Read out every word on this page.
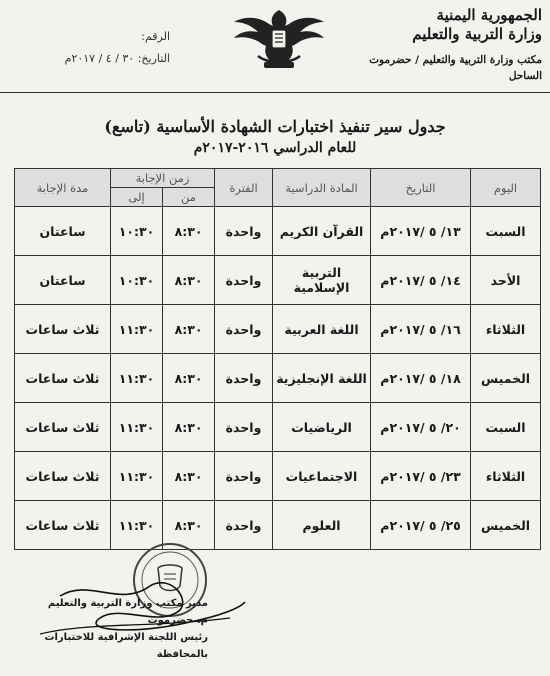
الجمهورية اليمنية
وزارة التربية والتعليم
مكتب وزارة التربية والتعليم / حضرموت الساحل
الرقم:
التاريخ: ٣٠ / ٤ / ٢٠١٧م
جدول سير تنفيذ اختبارات الشهادة الأساسية (تاسع)
للعام الدراسي ٢٠١٦-٢٠١٧م
اليوم	التاريخ	المادة الدراسية	الفترة	زمن الإجابة		مدة الإجابة
				من	إلى	
السبت	١٣/ ٥ /٢٠١٧م	القرآن الكريم	واحدة	٨:٣٠	١٠:٣٠	ساعتان
الأحد	١٤/ ٥ /٢٠١٧م	التربية الإسلامية	واحدة	٨:٣٠	١٠:٣٠	ساعتان
الثلاثاء	١٦/ ٥ /٢٠١٧م	اللغة العربية	واحدة	٨:٣٠	١١:٣٠	ثلاث ساعات
الخميس	١٨/ ٥ /٢٠١٧م	اللغة الإنجليزية	واحدة	٨:٣٠	١١:٣٠	ثلاث ساعات
السبت	٢٠/ ٥ /٢٠١٧م	الرياضيات	واحدة	٨:٣٠	١١:٣٠	ثلاث ساعات
الثلاثاء	٢٣/ ٥ /٢٠١٧م	الاجتماعيات	واحدة	٨:٣٠	١١:٣٠	ثلاث ساعات
الخميس	٢٥/ ٥ /٢٠١٧م	العلوم	واحدة	٨:٣٠	١١:٣٠	ثلاث ساعات
مدير مكتب وزارة التربية والتعليم
م. حضرموت
رئيس اللجنة الإشرافية للاختبارات بالمحافظة
